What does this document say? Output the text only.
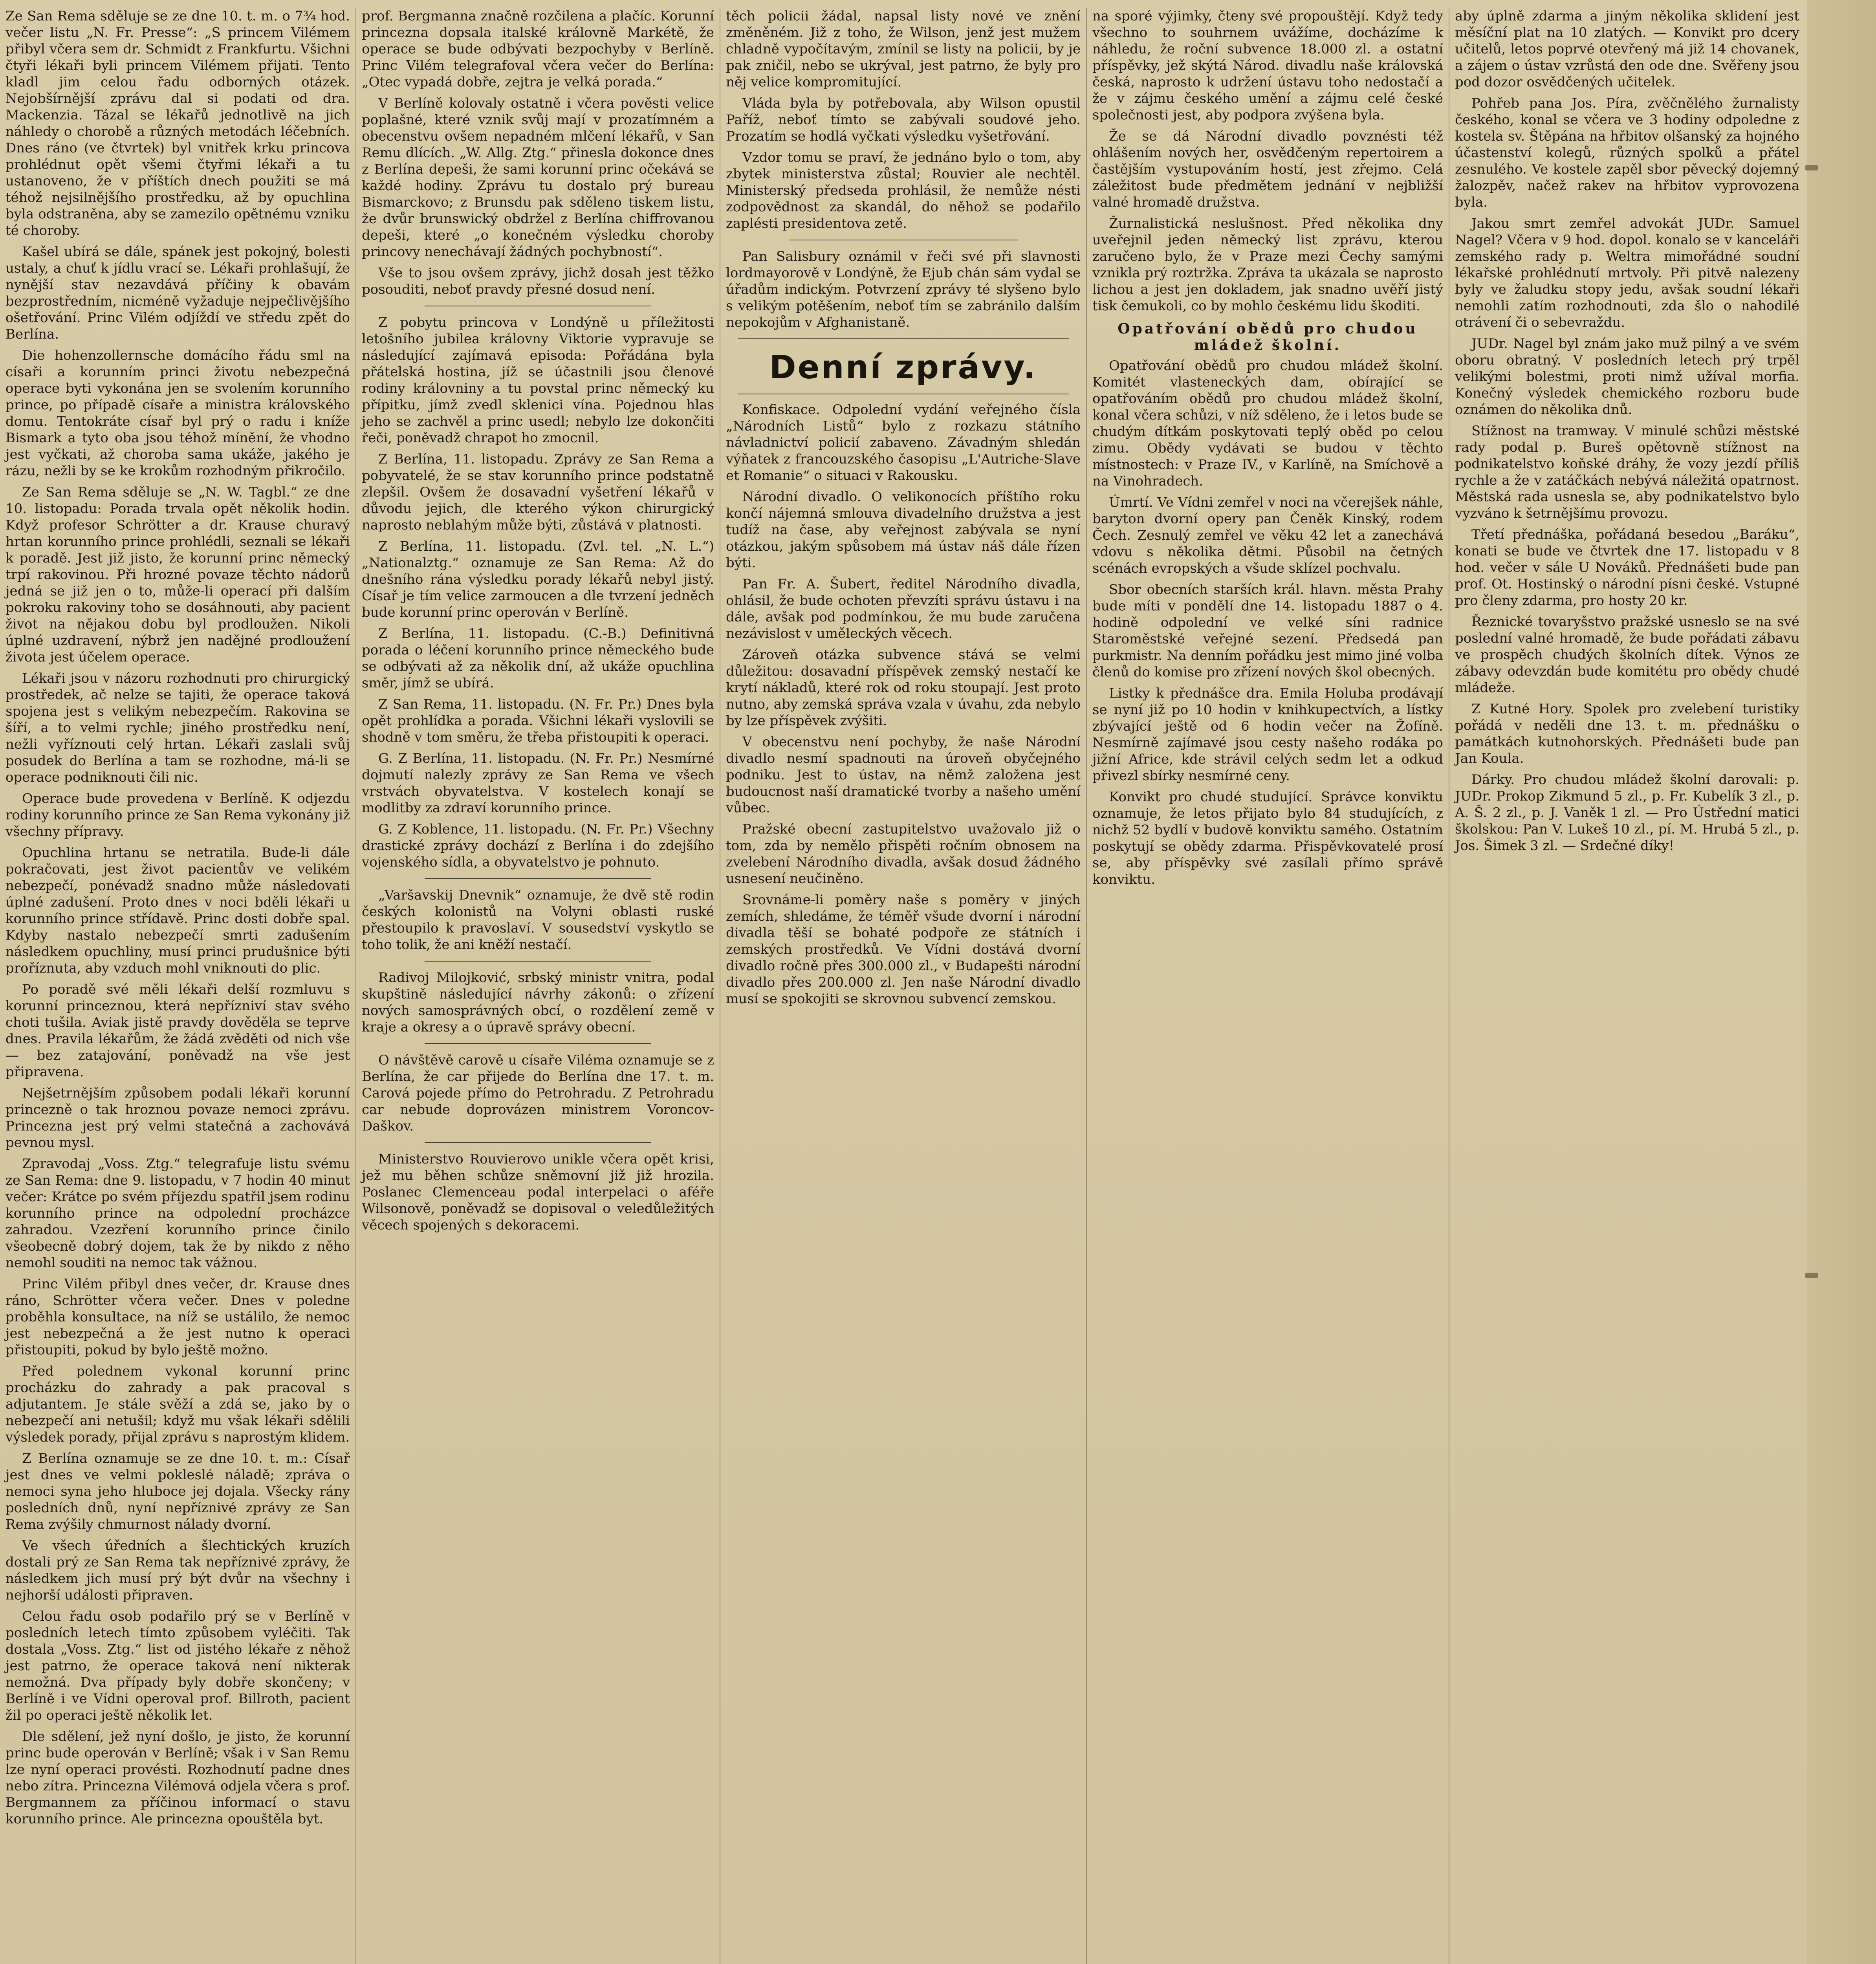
Ze San Rema sděluje se ze dne 10. t. m. o 7¾ hod. večer listu „N. Fr. Presse“: „S princem Vilémem přibyl včera sem dr. Schmidt z Frankfurtu. Všichni čtyři lékaři byli princem Vilémem přijati. Tento kladl jim celou řadu odborných otázek. Nejobšírnější zprávu dal si podati od dra. Mackenzia. Tázal se lékařů jednotlivě na jich náhledy o chorobě a různých metodách léčebních. Dnes ráno (ve čtvrtek) byl vnitřek krku princova prohlédnut opět všemi čtyřmi lékaři a tu ustanoveno, že v příštích dnech použiti se má téhož nejsilnějšího prostředku, až by opuchlina byla odstraněna, aby se zamezilo opětnému vzniku té choroby.

Kašel ubírá se dále, spánek jest pokojný, bolesti ustaly, a chuť k jídlu vrací se. Lékaři prohlašují, že nynější stav nezavdává příčiny k obavám bezprostředním, nicméně vyžaduje nejpečlivějšího ošetřování. Princ Vilém odjíždí ve středu zpět do Berlína.

Die hohenzollernsche domácího řádu sml na císaři a korunním princi životu nebezpečná operace byti vykonána jen se svolením korunního prince, po případě císaře a ministra královského domu. Tentokráte císař byl prý o radu i kníže Bismark a tyto oba jsou téhož mínění, že vhodno jest vyčkati, až choroba sama ukáže, jakého je rázu, nežli by se ke krokům rozhodným přikročilo.

Ze San Rema sděluje se „N. W. Tagbl.“ ze dne 10. listopadu: Porada trvala opět několik hodin. Když profesor Schrötter a dr. Krause churavý hrtan korunního prince prohlédli, seznali se lékaři k poradě. Jest již jisto, že korunní princ německý trpí rakovinou. Při hrozné povaze těchto nádorů jedná se již jen o to, může-li operací při dalším pokroku rakoviny toho se dosáhnouti, aby pacient život na nějakou dobu byl prodloužen. Nikoli úplné uzdravení, nýbrž jen nadějné prodloužení života jest účelem operace.

Lékaři jsou v názoru rozhodnuti pro chirurgický prostředek, ač nelze se tajiti, že operace taková spojena jest s velikým nebezpečím. Rakovina se šíří, a to velmi rychle; jiného prostředku není, nežli vyříznouti celý hrtan. Lékaři zaslali svůj posudek do Berlína a tam se rozhodne, má-li se operace podniknouti čili nic.

Operace bude provedena v Berlíně. K odjezdu rodiny korunního prince ze San Rema vykonány již všechny přípravy.

Opuchlina hrtanu se netratila. Bude-li dále pokračovati, jest život pacientův ve velikém nebezpečí, ponévadž snadno může následovati úplné zadušení. Proto dnes v noci bděli lékaři u korunního prince střídavě. Princ dosti dobře spal. Kdyby nastalo nebezpečí smrti zadušením následkem opuchliny, musí princi prudušnice býti proříznuta, aby vzduch mohl vniknouti do plic.

Po poradě své měli lékaři delší rozmluvu s korunní princeznou, která nepřízniví stav svého choti tušila. Aviak jistě pravdy dověděla se teprve dnes. Pravila lékařům, že žádá zvěděti od nich vše — bez zatajování, poněvadž na vše jest připravena.

Nejšetrnějším způsobem podali lékaři korunní princezně o tak hroznou povaze nemoci zprávu. Princezna jest prý velmi statečná a zachovává pevnou mysl.

Zpravodaj „Voss. Ztg.“ telegrafuje listu svému ze San Rema: dne 9. listopadu, v 7 hodin 40 minut večer: Krátce po svém příjezdu spatřil jsem rodinu korunního prince na odpolední procházce zahradou. Vzezření korunního prince činilo všeobecně dobrý dojem, tak že by nikdo z něho nemohl souditi na nemoc tak vážnou.

Princ Vilém přibyl dnes večer, dr. Krause dnes ráno, Schrötter včera večer. Dnes v poledne proběhla konsultace, na níž se ustálilo, že nemoc jest nebezpečná a že jest nutno k operaci přistoupiti, pokud by bylo ještě možno.

Před polednem vykonal korunní princ procházku do zahrady a pak pracoval s adjutantem. Je stále svěží a zdá se, jako by o nebezpečí ani netušil; když mu však lékaři sdělili výsledek porady, přijal zprávu s naprostým klidem.

Z Berlína oznamuje se ze dne 10. t. m.: Císař jest dnes ve velmi pokleslé náladě; zpráva o nemoci syna jeho hluboce jej dojala. Všecky rány posledních dnů, nyní nepříznivé zprávy ze San Rema zvýšily chmurnost nálady dvorní.

Ve všech úředních a šlechtických kruzích dostali prý ze San Rema tak nepříznivé zprávy, že následkem jich musí prý být dvůr na všechny i nejhorší události připraven.

Celou řadu osob podařilo prý se v Berlíně v posledních letech tímto způsobem vyléčiti. Tak dostala „Voss. Ztg.“ list od jistého lékaře z něhož jest patrno, že operace taková není nikterak nemožná. Dva případy byly dobře skončeny; v Berlíně i ve Vídni operoval prof. Billroth, pacient žil po operaci ještě několik let.

Dle sdělení, jež nyní došlo, je jisto, že korunní princ bude operován v Berlíně; však i v San Remu lze nyní operaci provésti. Rozhodnutí padne dnes nebo zítra. Princezna Vilémová odjela včera s prof. Bergmannem za příčinou informací o stavu korunního prince. Ale princezna opouštěla byt.

prof. Bergmanna značně rozčilena a plačíc. Korunní princezna dopsala italské královně Markétě, že operace se bude odbývati bezpochyby v Berlíně. Princ Vilém telegrafoval včera večer do Berlína: „Otec vypadá dobře, zejtra je velká porada.“

V Berlíně kolovaly ostatně i včera pověsti velice poplašné, které vznik svůj mají v prozatímném a obecenstvu ovšem nepadném mlčení lékařů, v San Remu dlících. „W. Allg. Ztg.“ přinesla dokonce dnes z Berlína depeši, že sami korunní princ očekává se každé hodiny. Zprávu tu dostalo prý bureau Bismarckovo; z Brunsdu pak sděleno tiskem listu, že dvůr brunswický obdržel z Berlína chiffrovanou depeši, které „o konečném výsledku choroby princovy nenechávají žádných pochybností“.

Vše to jsou ovšem zprávy, jichž dosah jest těžko posouditi, neboť pravdy přesné dosud není.

Z pobytu princova v Londýně u příležitosti letošního jubilea královny Viktorie vypravuje se následující zajímavá episoda: Pořádána byla přátelská hostina, jíž se účastnili jsou členové rodiny královniny a tu povstal princ německý ku přípitku, jímž zvedl sklenici vína. Pojednou hlas jeho se zachvěl a princ usedl; nebylo lze dokončiti řeči, poněvadž chrapot ho zmocnil.

Z Berlína, 11. listopadu. Zprávy ze San Rema a pobyvatelé, že se stav korunního prince podstatně zlepšil. Ovšem že dosavadní vyšetření lékařů v důvodu jejich, dle kterého výkon chirurgický naprosto neblahým může býti, zůstává v platnosti.

Z Berlína, 11. listopadu. (Zvl. tel. „N. L.“) „Nationalztg.“ oznamuje ze San Rema: Až do dnešního rána výsledku porady lékařů nebyl jistý. Císař je tím velice zarmoucen a dle tvrzení jedněch bude korunní princ operován v Berlíně.

Z Berlína, 11. listopadu. (C.-B.) Definitivná porada o léčení korunního prince německého bude se odbývati až za několik dní, až ukáže opuchlina směr, jímž se ubírá.

Z San Rema, 11. listopadu. (N. Fr. Pr.) Dnes byla opět prohlídka a porada. Všichni lékaři vyslovili se shodně v tom směru, že třeba přistoupiti k operaci.

G. Z Berlína, 11. listopadu. (N. Fr. Pr.) Nesmírné dojmutí nalezly zprávy ze San Rema ve všech vrstvách obyvatelstva. V kostelech konají se modlitby za zdraví korunního prince.

G. Z Koblence, 11. listopadu. (N. Fr. Pr.) Všechny drastické zprávy dochází z Berlína i do zdejšího vojenského sídla, a obyvatelstvo je pohnuto.

„Varšavskij Dnevnik“ oznamuje, že dvě stě rodin českých kolonistů na Volyni oblasti ruské přestoupilo k pravoslaví. V sousedství vyskytlo se toho tolik, že ani kněží nestačí.

Radivoj Milojković, srbský ministr vnitra, podal skupštině následující návrhy zákonů: o zřízení nových samosprávných obcí, o rozdělení země v kraje a okresy a o úpravě správy obecní.

O návštěvě carově u císaře Viléma oznamuje se z Berlína, že car přijede do Berlína dne 17. t. m. Carová pojede přímo do Petrohradu. Z Petrohradu car nebude doprovázen ministrem Voroncov-Daškov.

Ministerstvo Rouvierovo unikle včera opět krisi, jež mu běhen schůze sněmovní již již hrozila. Poslanec Clemenceau podal interpelaci o aféře Wilsonově, poněvadž se dopisoval o veledůležitých věcech spojených s dekoracemi.

těch policii žádal, napsal listy nové ve znění změněném. Již z toho, že Wilson, jenž jest mužem chladně vypočítavým, zmínil se listy na policii, by je pak zničil, nebo se ukrýval, jest patrno, že byly pro něj velice kompromitující.

Vláda byla by potřebovala, aby Wilson opustil Paříž, neboť tímto se zabývali soudové jeho. Prozatím se hodlá vyčkati výsledku vyšetřování.

Vzdor tomu se praví, že jednáno bylo o tom, aby zbytek ministerstva zůstal; Rouvier ale nechtěl. Ministerský předseda prohlásil, že nemůže nésti zodpovědnost za skandál, do něhož se podařilo zaplésti presidentova zetě.

Pan Salisbury oznámil v řeči své při slavnosti lordmayorově v Londýně, že Ejub chán sám vydal se úřadům indickým. Potvrzení zprávy té slyšeno bylo s velikým potěšením, neboť tím se zabránilo dalším nepokojům v Afghanistaně.

Denní zprávy.

Konfiskace. Odpolední vydání veřejného čísla „Národních Listů“ bylo z rozkazu státního návladnictví policií zabaveno. Závadným shledán výňatek z francouzského časopisu „L'Autriche-Slave et Romanie“ o situaci v Rakousku.

Národní divadlo. O velikonocích příštího roku končí nájemná smlouva divadelního družstva a jest tudíž na čase, aby veřejnost zabývala se nyní otázkou, jakým spůsobem má ústav náš dále řízen býti.

Pan Fr. A. Šubert, ředitel Národního divadla, ohlásil, že bude ochoten převzíti správu ústavu i na dále, avšak pod podmínkou, že mu bude zaručena nezávislost v uměleckých věcech.

Zároveň otázka subvence stává se velmi důležitou: dosavadní příspěvek zemský nestačí ke krytí nákladů, které rok od roku stoupají. Jest proto nutno, aby zemská správa vzala v úvahu, zda nebylo by lze příspěvek zvýšiti.

V obecenstvu není pochyby, že naše Národní divadlo nesmí spadnouti na úroveň obyčejného podniku. Jest to ústav, na němž založena jest budoucnost naší dramatické tvorby a našeho umění vůbec.

Pražské obecní zastupitelstvo uvažovalo již o tom, zda by nemělo přispěti ročním obnosem na zvelebení Národního divadla, avšak dosud žádného usnesení neučiněno.

Srovnáme-li poměry naše s poměry v jiných zemích, shledáme, že téměř všude dvorní i národní divadla těší se bohaté podpoře ze státních i zemských prostředků. Ve Vídni dostává dvorní divadlo ročně přes 300.000 zl., v Budapešti národní divadlo přes 200.000 zl. Jen naše Národní divadlo musí se spokojiti se skrovnou subvencí zemskou.

na sporé výjimky, čteny své propouštějí. Když tedy všechno to souhrnem uvážíme, docházíme k náhledu, že roční subvence 18.000 zl. a ostatní příspěvky, jež skýtá Národ. divadlu naše královská česká, naprosto k udržení ústavu toho nedostačí a že v zájmu českého umění a zájmu celé české společnosti jest, aby podpora zvýšena byla.

Že se dá Národní divadlo povznésti též ohlášením nových her, osvědčeným repertoirem a častějším vystupováním hostí, jest zřejmo. Celá záležitost bude předmětem jednání v nejbližší valné hromadě družstva.

Žurnalistická neslušnost. Před několika dny uveřejnil jeden německý list zprávu, kterou zaručeno bylo, že v Praze mezi Čechy samými vznikla prý roztržka. Zpráva ta ukázala se naprosto lichou a jest jen dokladem, jak snadno uvěří jistý tisk čemukoli, co by mohlo českému lidu škoditi.

Opatřování obědů pro chudou mládež školní.

Opatřování obědů pro chudou mládež školní. Komitét vlasteneckých dam, obírající se opatřováním obědů pro chudou mládež školní, konal včera schůzi, v níž sděleno, že i letos bude se chudým dítkám poskytovati teplý oběd po celou zimu. Obědy vydávati se budou v těchto místnostech: v Praze IV., v Karlíně, na Smíchově a na Vinohradech.

Úmrtí. Ve Vídni zemřel v noci na včerejšek náhle, baryton dvorní opery pan Čeněk Kinský, rodem Čech. Zesnulý zemřel ve věku 42 let a zanechává vdovu s několika dětmi. Působil na četných scénách evropských a všude sklízel pochvalu.

Sbor obecních starších král. hlavn. města Prahy bude míti v pondělí dne 14. listopadu 1887 o 4. hodině odpolední ve velké síni radnice Staroměstské veřejné sezení. Předsedá pan purkmistr. Na denním pořádku jest mimo jiné volba členů do komise pro zřízení nových škol obecných.

Listky k přednášce dra. Emila Holuba prodávají se nyní již po 10 hodin v knihkupectvích, a lístky zbývající ještě od 6 hodin večer na Žofíně. Nesmírně zajímavé jsou cesty našeho rodáka po jižní Africe, kde strávil celých sedm let a odkud přivezl sbírky nesmírné ceny.

Konvikt pro chudé studující. Správce konviktu oznamuje, že letos přijato bylo 84 studujících, z nichž 52 bydlí v budově konviktu samého. Ostatním poskytují se obědy zdarma. Přispěvkovatelé prosí se, aby příspěvky své zasílali přímo správě konviktu.

aby úplně zdarma a jiným několika sklidení jest měsíční plat na 10 zlatých. — Konvikt pro dcery učitelů, letos poprvé otevřený má již 14 chovanek, a zájem o ústav vzrůstá den ode dne. Svěřeny jsou pod dozor osvědčených učitelek.

Pohřeb pana Jos. Píra, zvěčnělého žurnalisty českého, konal se včera ve 3 hodiny odpoledne z kostela sv. Štěpána na hřbitov olšanský za hojného účastenství kolegů, různých spolků a přátel zesnulého. Ve kostele zapěl sbor pěvecký dojemný žalozpěv, načež rakev na hřbitov vyprovozena byla.

Jakou smrt zemřel advokát JUDr. Samuel Nagel? Včera v 9 hod. dopol. konalo se v kanceláři zemského rady p. Weltra mimořádné soudní lékařské prohlédnutí mrtvoly. Při pitvě nalezeny byly ve žaludku stopy jedu, avšak soudní lékaři nemohli zatím rozhodnouti, zda šlo o nahodilé otrávení či o sebevraždu.

JUDr. Nagel byl znám jako muž pilný a ve svém oboru obratný. V posledních letech prý trpěl velikými bolestmi, proti nimž užíval morfia. Konečný výsledek chemického rozboru bude oznámen do několika dnů.

Stížnost na tramway. V minulé schůzi městské rady podal p. Bureš opětovně stížnost na podnikatelstvo koňské dráhy, že vozy jezdí příliš rychle a že v zatáčkách nebývá náležitá opatrnost. Městská rada usnesla se, aby podnikatelstvo bylo vyzváno k šetrnějšímu provozu.

Třetí přednáška, pořádaná besedou „Baráku“, konati se bude ve čtvrtek dne 17. listopadu v 8 hod. večer v sále U Nováků. Přednášeti bude pan prof. Ot. Hostinský o národní písni české. Vstupné pro členy zdarma, pro hosty 20 kr.

Řeznické tovaryšstvo pražské usneslo se na své poslední valné hromadě, že bude pořádati zábavu ve prospěch chudých školních dítek. Výnos ze zábavy odevzdán bude komitétu pro obědy chudé mládeže.

Z Kutné Hory. Spolek pro zvelebení turistiky pořádá v neděli dne 13. t. m. přednášku o památkách kutnohorských. Přednášeti bude pan Jan Koula.

Dárky. Pro chudou mládež školní darovali: p. JUDr. Prokop Zikmund 5 zl., p. Fr. Kubelík 3 zl., p. A. Š. 2 zl., p. J. Vaněk 1 zl. — Pro Ústřední matici školskou: Pan V. Lukeš 10 zl., pí. M. Hrubá 5 zl., p. Jos. Šimek 3 zl. — Srdečné díky!
